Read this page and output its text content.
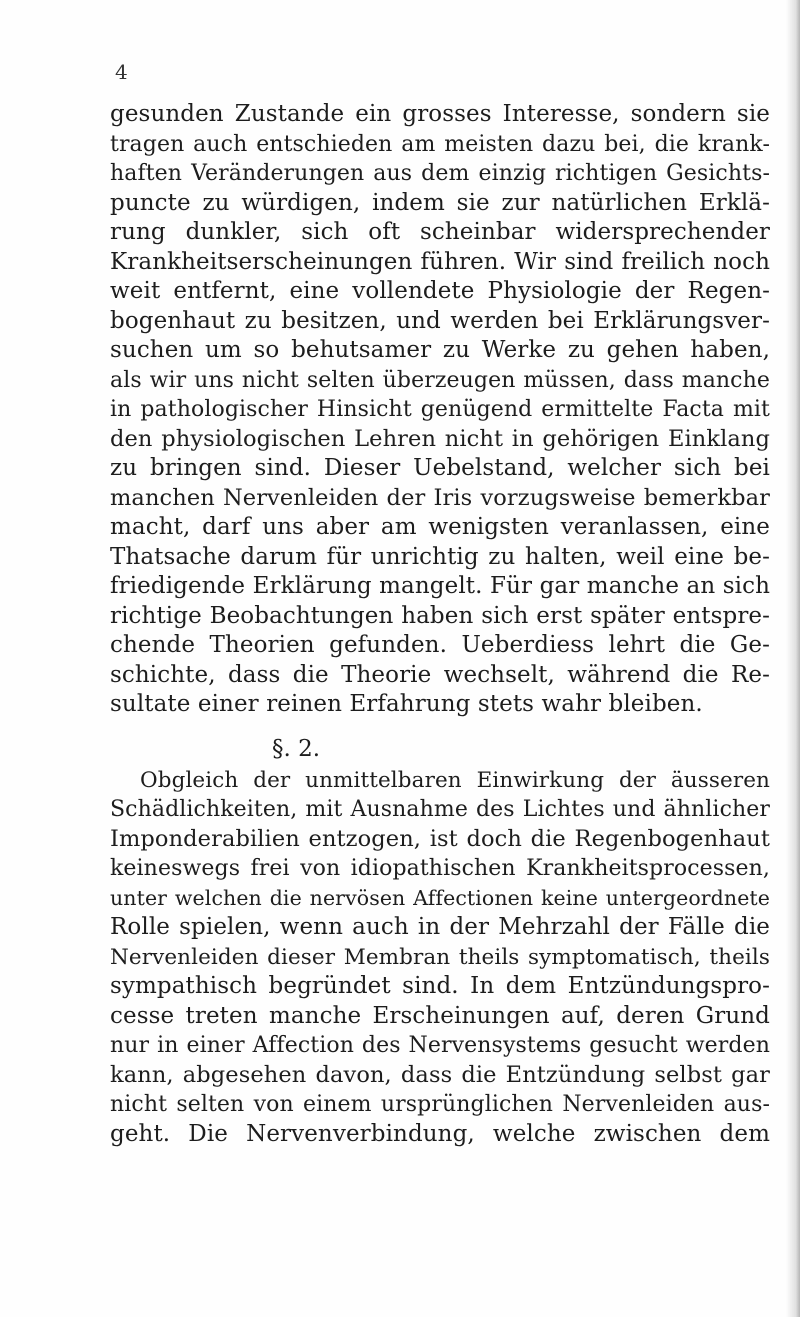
4
gesunden Zustande ein grosses Interesse, sondern sie
tragen auch entschieden am meisten dazu bei, die krank-
haften Veränderungen aus dem einzig richtigen Gesichts-
puncte zu würdigen, indem sie zur natürlichen Erklä-
rung dunkler, sich oft scheinbar widersprechender
Krankheitserscheinungen führen. Wir sind freilich noch
weit entfernt, eine vollendete Physiologie der Regen-
bogenhaut zu besitzen, und werden bei Erklärungsver-
suchen um so behutsamer zu Werke zu gehen haben,
als wir uns nicht selten überzeugen müssen, dass manche
in pathologischer Hinsicht genügend ermittelte Facta mit
den physiologischen Lehren nicht in gehörigen Einklang
zu bringen sind. Dieser Uebelstand, welcher sich bei
manchen Nervenleiden der Iris vorzugsweise bemerkbar
macht, darf uns aber am wenigsten veranlassen, eine
Thatsache darum für unrichtig zu halten, weil eine be-
friedigende Erklärung mangelt. Für gar manche an sich
richtige Beobachtungen haben sich erst später entspre-
chende Theorien gefunden. Ueberdiess lehrt die Ge-
schichte, dass die Theorie wechselt, während die Re-
sultate einer reinen Erfahrung stets wahr bleiben.
§. 2.
Obgleich der unmittelbaren Einwirkung der äusseren
Schädlichkeiten, mit Ausnahme des Lichtes und ähnlicher
Imponderabilien entzogen, ist doch die Regenbogenhaut
keineswegs frei von idiopathischen Krankheitsprocessen,
unter welchen die nervösen Affectionen keine untergeordnete
Rolle spielen, wenn auch in der Mehrzahl der Fälle die
Nervenleiden dieser Membran theils symptomatisch, theils
sympathisch begründet sind. In dem Entzündungspro-
cesse treten manche Erscheinungen auf, deren Grund
nur in einer Affection des Nervensystems gesucht werden
kann, abgesehen davon, dass die Entzündung selbst gar
nicht selten von einem ursprünglichen Nervenleiden aus-
geht. Die Nervenverbindung, welche zwischen dem
